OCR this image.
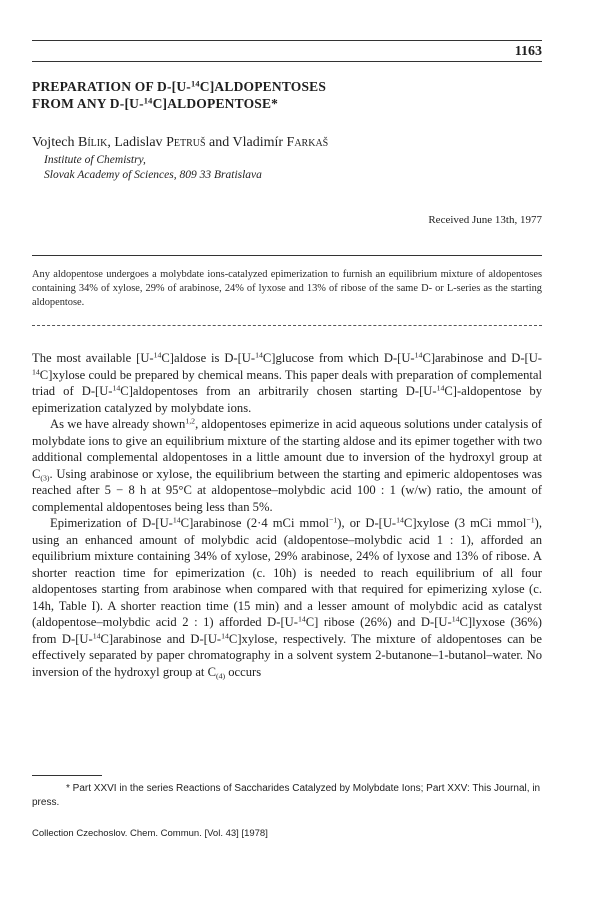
1163
PREPARATION OF D-[U-$^{14}$C]ALDOPENTOSES
FROM ANY D-[U-$^{14}$C]ALDOPENTOSE*
Vojtech Bílik, Ladislav Petruš and Vladimír Farkaš
Institute of Chemistry,
Slovak Academy of Sciences, 809 33 Bratislava
Received June 13th, 1977
Any aldopentose undergoes a molybdate ions-catalyzed epimerization to furnish an equilibrium mixture of aldopentoses containing 34% of xylose, 29% of arabinose, 24% of lyxose and 13% of ribose of the same D- or L-series as the starting aldopentose.

The most available [U-$^{14}$C]aldose is D-[U-$^{14}$C]glucose from which D-[U-$^{14}$C]arabinose and D-[U-$^{14}$C]xylose could be prepared by chemical means. This paper deals with preparation of complemental triad of D-[U-$^{14}$C]aldopentoses from an arbitrarily chosen starting D-[U-$^{14}$C]-aldopentose by epimerization catalyzed by molybdate ions.

As we have already shown$^{1,2}$, aldopentoses epimerize in acid aqueous solutions under catalysis of molybdate ions to give an equilibrium mixture of the starting aldose and its epimer together with two additional complemental aldopentoses in a little amount due to inversion of the hydroxyl group at $C_{(3)}$. Using arabinose or xylose, the equilibrium between the starting and epimeric aldopentoses was reached after 5 − 8 h at 95°C at aldopentose–molybdic acid 100 : 1 (w/w) ratio, the amount of complemental aldopentoses being less than 5%.

Epimerization of D-[U-$^{14}$C]arabinose (2·4 mCi mmol$^{-1}$), or D-[U-$^{14}$C]xylose (3 mCi mmol$^{-1}$), using an enhanced amount of molybdic acid (aldopentose–molybdic acid 1 : 1), afforded an equilibrium mixture containing 34% of xylose, 29% arabinose, 24% of lyxose and 13% of ribose. A shorter reaction time for epimerization (c. 10h) is needed to reach equilibrium of all four aldopentoses starting from arabinose when compared with that required for epimerizing xylose (c. 14h, Table I). A shorter reaction time (15 min) and a lesser amount of molybdic acid as catalyst (aldopentose–molybdic acid 2 : 1) afforded D-[U-$^{14}$C] ribose (26%) and D-[U-$^{14}$C]lyxose (36%) from D-[U-$^{14}$C]arabinose and D-[U-$^{14}$C]xylose, respectively. The mixture of aldopentoses can be effectively separated by paper chromatography in a solvent system 2-butanone–1-butanol–water. No inversion of the hydroxyl group at $C_{(4)}$ occurs

* Part XXVI in the series Reactions of Saccharides Catalyzed by Molybdate Ions; Part XXV: This Journal, in press.
Collection Czechoslov. Chem. Commun. [Vol. 43] [1978]
